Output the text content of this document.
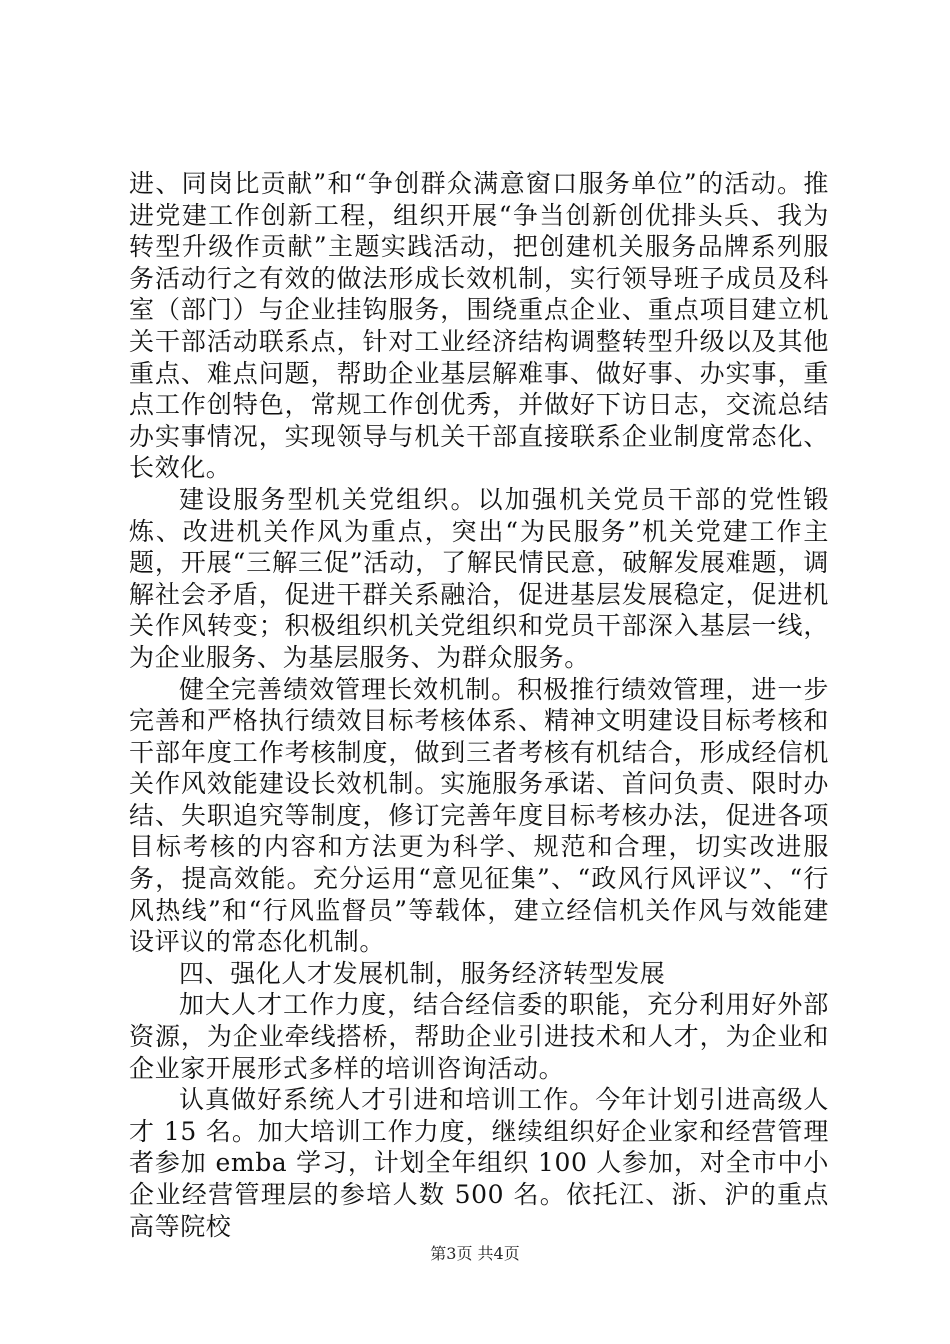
进、同岗比贡献”和“争创群众满意窗口服务单位”的活动。推进党建工作创新工程，组织开展“争当创新创优排头兵、我为转型升级作贡献”主题实践活动，把创建机关服务品牌系列服务活动行之有效的做法形成长效机制，实行领导班子成员及科室（部门）与企业挂钩服务，围绕重点企业、重点项目建立机关干部活动联系点，针对工业经济结构调整转型升级以及其他重点、难点问题，帮助企业基层解难事、做好事、办实事，重点工作创特色，常规工作创优秀，并做好下访日志，交流总结办实事情况，实现领导与机关干部直接联系企业制度常态化、长效化。

建设服务型机关党组织。以加强机关党员干部的党性锻炼、改进机关作风为重点，突出“为民服务”机关党建工作主题，开展“三解三促”活动，了解民情民意，破解发展难题，调解社会矛盾，促进干群关系融洽，促进基层发展稳定，促进机关作风转变；积极组织机关党组织和党员干部深入基层一线，为企业服务、为基层服务、为群众服务。

健全完善绩效管理长效机制。积极推行绩效管理，进一步完善和严格执行绩效目标考核体系、精神文明建设目标考核和干部年度工作考核制度，做到三者考核有机结合，形成经信机关作风效能建设长效机制。实施服务承诺、首问负责、限时办结、失职追究等制度，修订完善年度目标考核办法，促进各项目标考核的内容和方法更为科学、规范和合理，切实改进服务，提高效能。充分运用“意见征集”、“政风行风评议”、“行风热线”和“行风监督员”等载体，建立经信机关作风与效能建设评议的常态化机制。

四、强化人才发展机制，服务经济转型发展

加大人才工作力度，结合经信委的职能，充分利用好外部资源，为企业牵线搭桥，帮助企业引进技术和人才，为企业和企业家开展形式多样的培训咨询活动。

认真做好系统人才引进和培训工作。今年计划引进高级人才 15 名。加大培训工作力度，继续组织好企业家和经营管理者参加 emba 学习，计划全年组织 100 人参加，对全市中小企业经营管理层的参培人数 500 名。依托江、浙、沪的重点高等院校

第3页 共4页
